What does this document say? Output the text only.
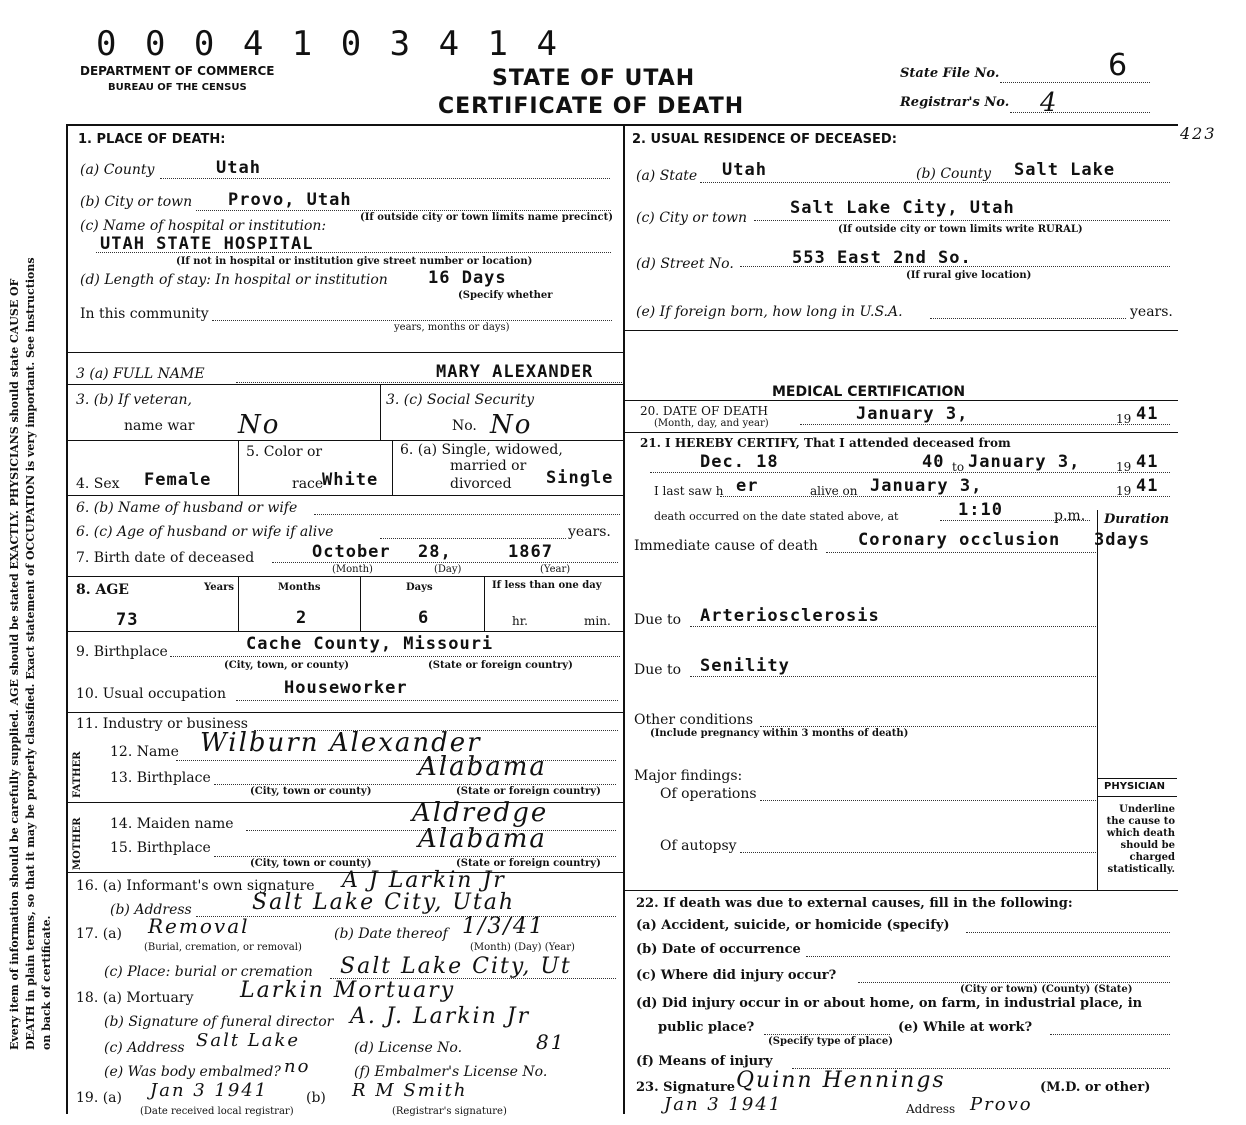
0 0 0 4 1 0 3 4 1 4
Every item of information should be carefully supplied. AGE should be stated EXACTLY. PHYSICIANS should state CAUSE OF DEATH in plain terms, so that it may be properly classified. Exact statement of OCCUPATION is very important. See instructions on back of certificate.
DEPARTMENT OF COMMERCE
BUREAU OF THE CENSUS	STATE OF UTAH
CERTIFICATE OF DEATH
State File No.	6
Registrar's No. 4
423
1. PLACE OF DEATH:
(a) County	Utah
(b) City or town Provo, Utah
(If outside city or town limits name precinct)
(c) Name of hospital or institution:
UTAH STATE HOSPITAL
(If not in hospital or institution give street number or location)
(d) Length of stay: In hospital or institution 16 Days
(Specify whether
In this community
years, months or days)
2. USUAL RESIDENCE OF DECEASED:
(a) State Utah	(b) County Salt Lake
(c) City or town	Salt Lake City, Utah
(If outside city or town limits write RURAL)
(d) Street No.	553 East 2nd So.
(If rural give location)
(e) If foreign born, how long in U.S.A.	years.
3 (a) FULL NAME	MARY ALEXANDER
3. (b) If veteran,
name war No
3. (c) Social Security
No. No
4. Sex Female
5. Color or
race
White
6. (a) Single, widowed,
married or
divorced Single
6. (b) Name of husband or wife
6. (c) Age of husband or wife if alive	years.
7. Birth date of deceased	October 28,	1867
(Month)	(Day)	(Year)
8. AGE	Years	Months	Days	If less than one day
73	2	6	hr.	min.
9. Birthplace	Cache County, Missouri
(City, town, or county)	(State or foreign country)
10. Usual occupation	Houseworker
11. Industry or business
FATHER
MOTHER
12. Name Wilburn Alexander
13. Birthplace	Alabama
(City, town or county)	(State or foreign country)
14. Maiden name	Aldredge
15. Birthplace	Alabama
(City, town or county)	(State or foreign country)
16. (a) Informant's own signature A J Larkin Jr
(b) Address	Salt Lake City, Utah
17. (a) Removal
(Burial, cremation, or removal)
(b) Date thereof 1/3/41
(Month) (Day) (Year)
(c) Place: burial or cremation Salt Lake City, Ut
18. (a) Mortuary Larkin Mortuary
(b) Signature of funeral director A. J. Larkin Jr
(c) Address Salt Lake	(d) License No.	81
(e) Was body embalmed? no	(f) Embalmer's License No.
19. (a) Jan 3 1941
(Date received local registrar)
(b) R M Smith
(Registrar's signature)
MEDICAL CERTIFICATION
20. DATE OF DEATH
(Month, day, and year)	January 3,	19 41
21. I HEREBY CERTIFY, That I attended deceased from
Dec. 18	40 to January 3,	19 41
I last saw h er	alive on January 3,	19 41
death occurred on the date stated above, at	1:10	p.m. Duration
Immediate cause of death Coronary occlusion 3days
Due to Arteriosclerosis
Due to Senility
Other conditions
(Include pregnancy within 3 months of death)
Major findings:
Of operations
Of autopsy
PHYSICIAN
Underline the cause to which death should be charged statistically.
22. If death was due to external causes, fill in the following:
(a) Accident, suicide, or homicide (specify)
(b) Date of occurrence
(c) Where did injury occur?
(City or town) (County) (State)
(d) Did injury occur in or about home, on farm, in industrial place, in
public place?
(Specify type of place)
(e) While at work?
(f) Means of injury
23. Signature Quinn Hennings	(M.D. or other)
Jan 3 1941	Address Provo
